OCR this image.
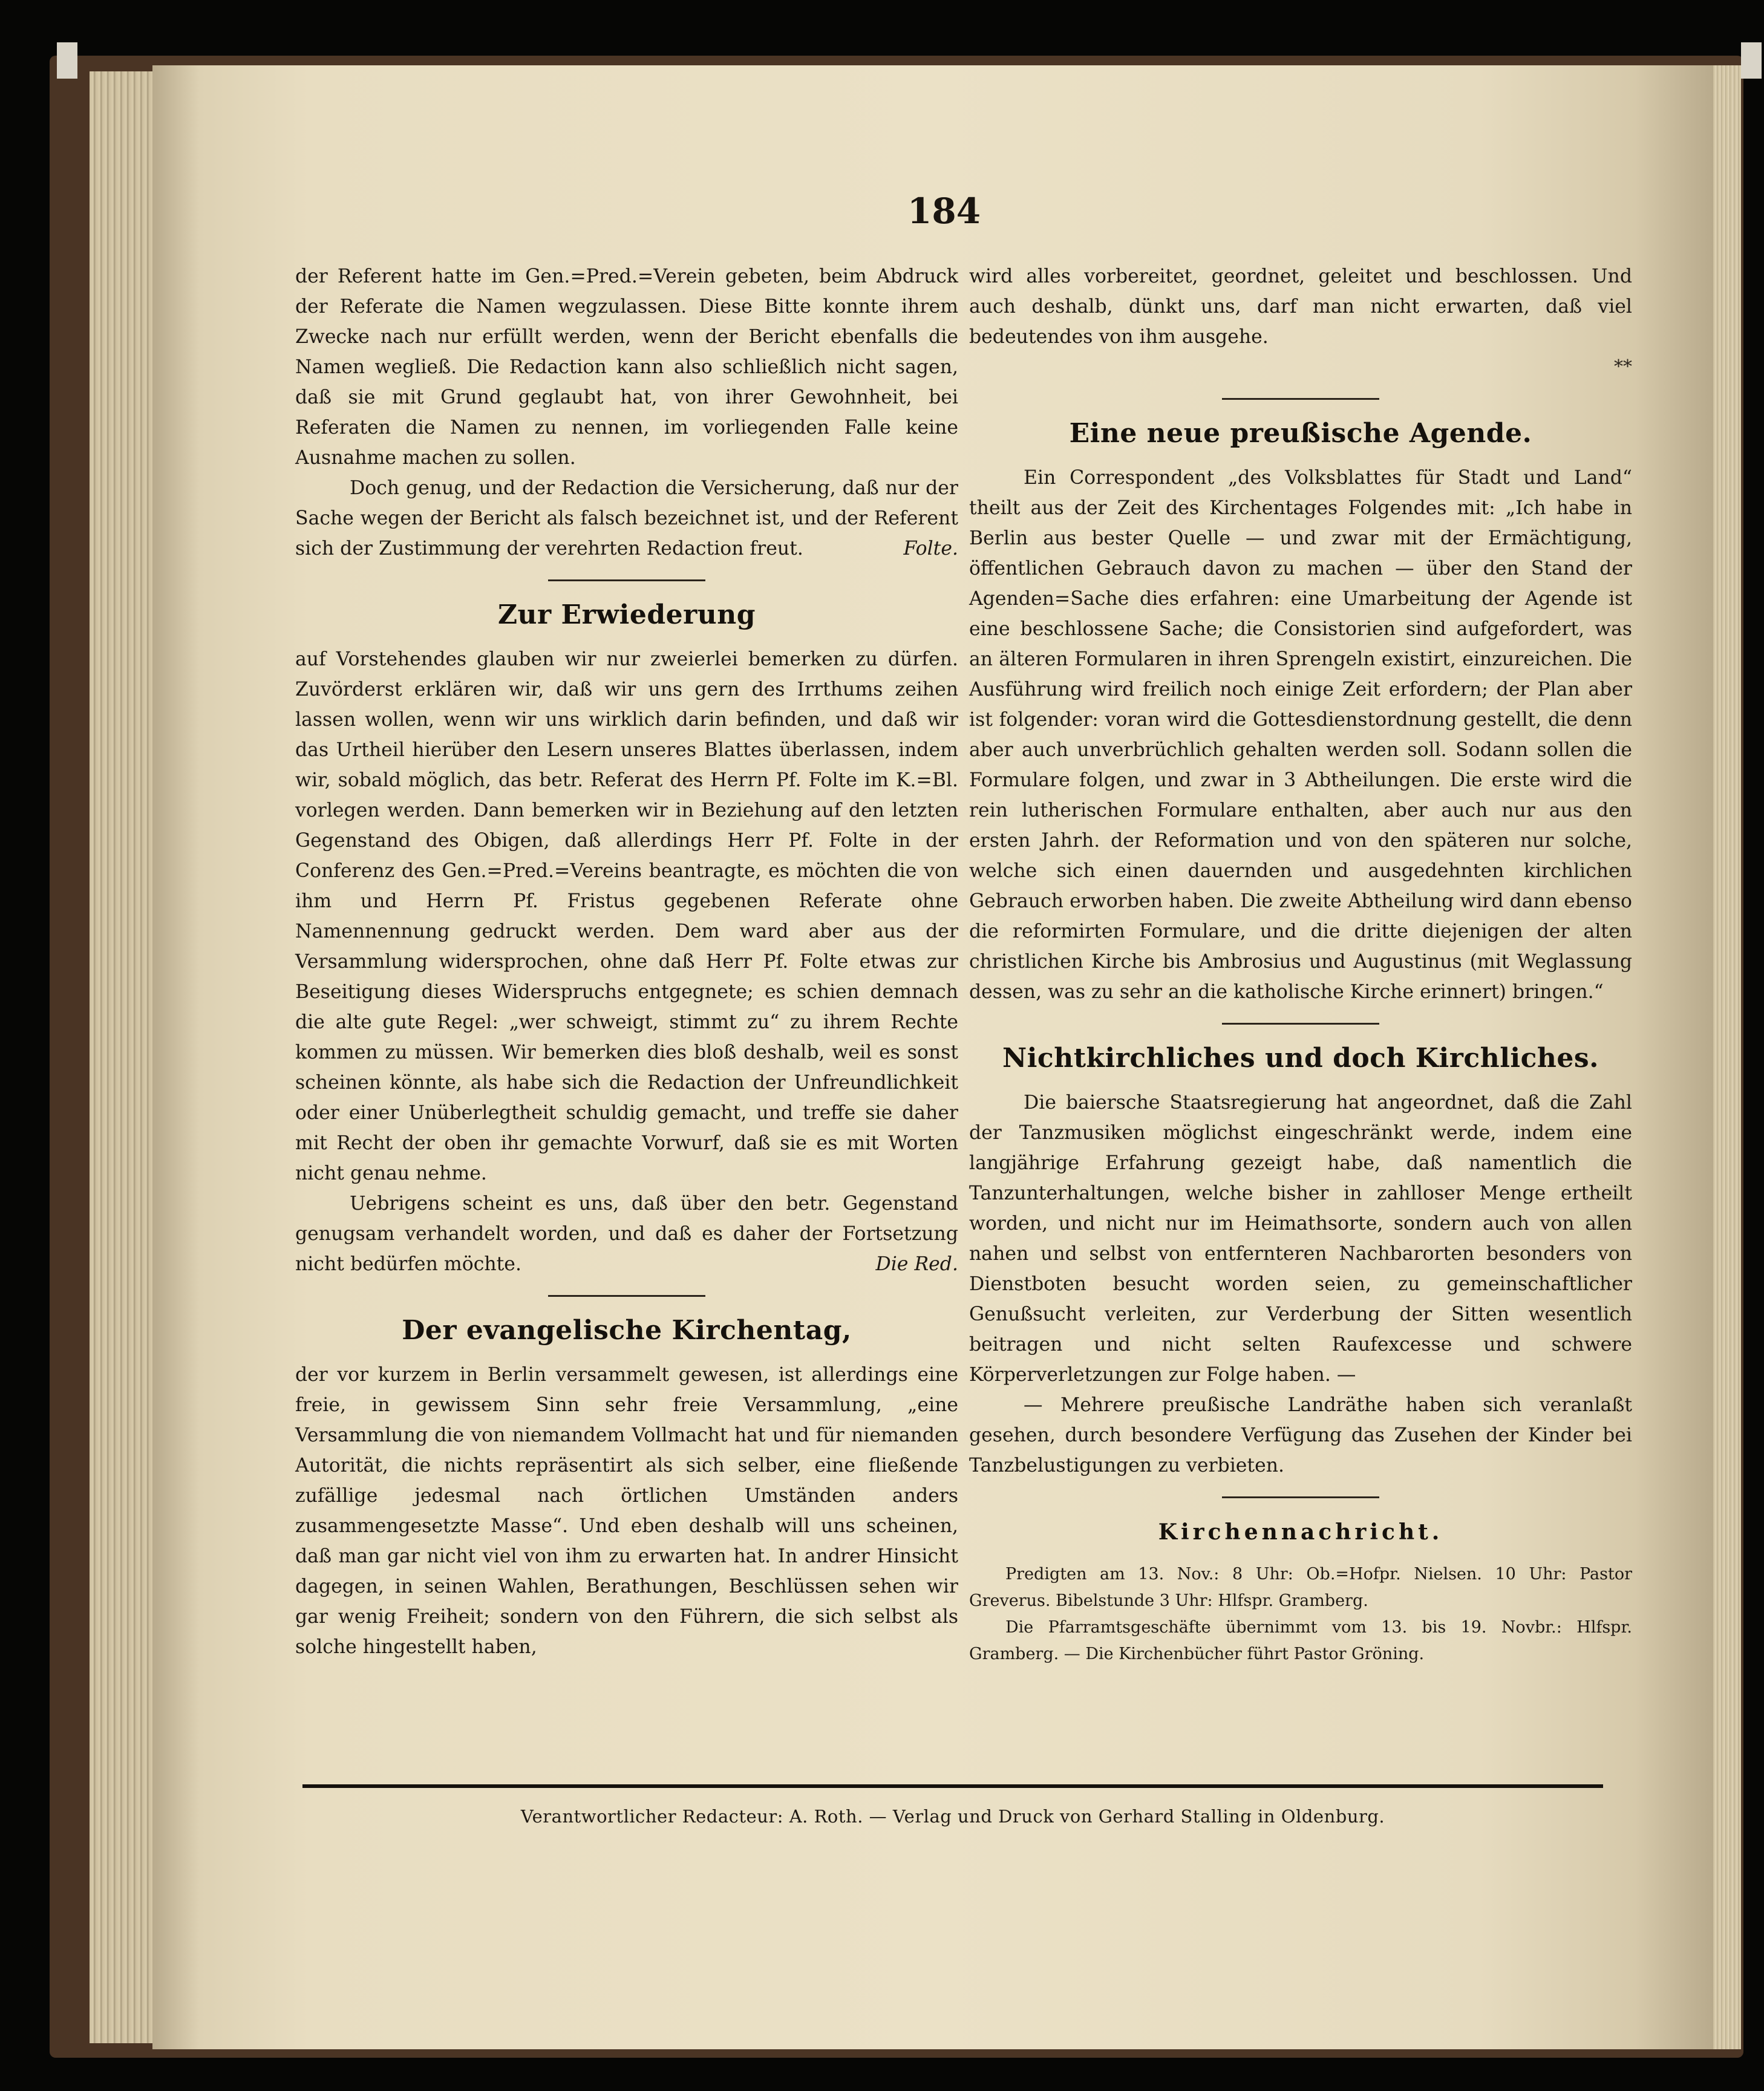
184

der Referent hatte im Gen.=Pred.=Verein gebeten, beim Abdruck der Referate die Namen wegzulassen. Diese Bitte konnte ihrem Zwecke nach nur erfüllt werden, wenn der Bericht ebenfalls die Namen wegließ. Die Redaction kann also schließlich nicht sagen, daß sie mit Grund geglaubt hat, von ihrer Gewohnheit, bei Referaten die Namen zu nennen, im vorliegenden Falle keine Ausnahme machen zu sollen.

Doch genug, und der Redaction die Versicherung, daß nur der Sache wegen der Bericht als falsch bezeichnet ist, und der Referent sich der Zustimmung der verehrten Redaction freut.	Folte.

Zur Erwiederung

auf Vorstehendes glauben wir nur zweierlei bemerken zu dürfen. Zuvörderst erklären wir, daß wir uns gern des Irrthums zeihen lassen wollen, wenn wir uns wirklich darin befinden, und daß wir das Urtheil hierüber den Lesern unseres Blattes überlassen, indem wir, sobald möglich, das betr. Referat des Herrn Pf. Folte im K.=Bl. vorlegen werden. Dann bemerken wir in Beziehung auf den letzten Gegenstand des Obigen, daß allerdings Herr Pf. Folte in der Conferenz des Gen.=Pred.=Vereins beantragte, es möchten die von ihm und Herrn Pf. Fristus gegebenen Referate ohne Namennennung gedruckt werden. Dem ward aber aus der Versammlung widersprochen, ohne daß Herr Pf. Folte etwas zur Beseitigung dieses Widerspruchs entgegnete; es schien demnach die alte gute Regel: „wer schweigt, stimmt zu“ zu ihrem Rechte kommen zu müssen. Wir bemerken dies bloß deshalb, weil es sonst scheinen könnte, als habe sich die Redaction der Unfreundlichkeit oder einer Unüberlegtheit schuldig gemacht, und treffe sie daher mit Recht der oben ihr gemachte Vorwurf, daß sie es mit Worten nicht genau nehme.

Uebrigens scheint es uns, daß über den betr. Gegenstand genugsam verhandelt worden, und daß es daher der Fortsetzung nicht bedürfen möchte.	Die Red.

Der evangelische Kirchentag,

der vor kurzem in Berlin versammelt gewesen, ist allerdings eine freie, in gewissem Sinn sehr freie Versammlung, „eine Versammlung die von niemandem Vollmacht hat und für niemanden Autorität, die nichts repräsentirt als sich selber, eine fließende zufällige jedesmal nach örtlichen Umständen anders zusammengesetzte Masse“. Und eben deshalb will uns scheinen, daß man gar nicht viel von ihm zu erwarten hat. In andrer Hinsicht dagegen, in seinen Wahlen, Berathungen, Beschlüssen sehen wir gar wenig Freiheit; sondern von den Führern, die sich selbst als solche hingestellt haben,

wird alles vorbereitet, geordnet, geleitet und beschlossen. Und auch deshalb, dünkt uns, darf man nicht erwarten, daß viel bedeutendes von ihm ausgehe.

**

Eine neue preußische Agende.

Ein Correspondent „des Volksblattes für Stadt und Land“ theilt aus der Zeit des Kirchentages Folgendes mit: „Ich habe in Berlin aus bester Quelle — und zwar mit der Ermächtigung, öffentlichen Gebrauch davon zu machen — über den Stand der Agenden=Sache dies erfahren: eine Umarbeitung der Agende ist eine beschlossene Sache; die Consistorien sind aufgefordert, was an älteren Formularen in ihren Sprengeln existirt, einzureichen. Die Ausführung wird freilich noch einige Zeit erfordern; der Plan aber ist folgender: voran wird die Gottesdienstordnung gestellt, die denn aber auch unverbrüchlich gehalten werden soll. Sodann sollen die Formulare folgen, und zwar in 3 Abtheilungen. Die erste wird die rein lutherischen Formulare enthalten, aber auch nur aus den ersten Jahrh. der Reformation und von den späteren nur solche, welche sich einen dauernden und ausgedehnten kirchlichen Gebrauch erworben haben. Die zweite Abtheilung wird dann ebenso die reformirten Formulare, und die dritte diejenigen der alten christlichen Kirche bis Ambrosius und Augustinus (mit Weglassung dessen, was zu sehr an die katholische Kirche erinnert) bringen.“

Nichtkirchliches und doch Kirchliches.

Die baiersche Staatsregierung hat angeordnet, daß die Zahl der Tanzmusiken möglichst eingeschränkt werde, indem eine langjährige Erfahrung gezeigt habe, daß namentlich die Tanzunterhaltungen, welche bisher in zahlloser Menge ertheilt worden, und nicht nur im Heimathsorte, sondern auch von allen nahen und selbst von entfernteren Nachbarorten besonders von Dienstboten besucht worden seien, zu gemeinschaftlicher Genußsucht verleiten, zur Verderbung der Sitten wesentlich beitragen und nicht selten Raufexcesse und schwere Körperverletzungen zur Folge haben. —

— Mehrere preußische Landräthe haben sich veranlaßt gesehen, durch besondere Verfügung das Zusehen der Kinder bei Tanzbelustigungen zu verbieten.

Kirchennachricht.

Predigten am 13. Nov.: 8 Uhr: Ob.=Hofpr. Nielsen. 10 Uhr: Pastor Greverus. Bibelstunde 3 Uhr: Hlfspr. Gramberg.

Die Pfarramtsgeschäfte übernimmt vom 13. bis 19. Novbr.: Hlfspr. Gramberg. — Die Kirchenbücher führt Pastor Gröning.

Verantwortlicher Redacteur: A. Roth. — Verlag und Druck von Gerhard Stalling in Oldenburg.
